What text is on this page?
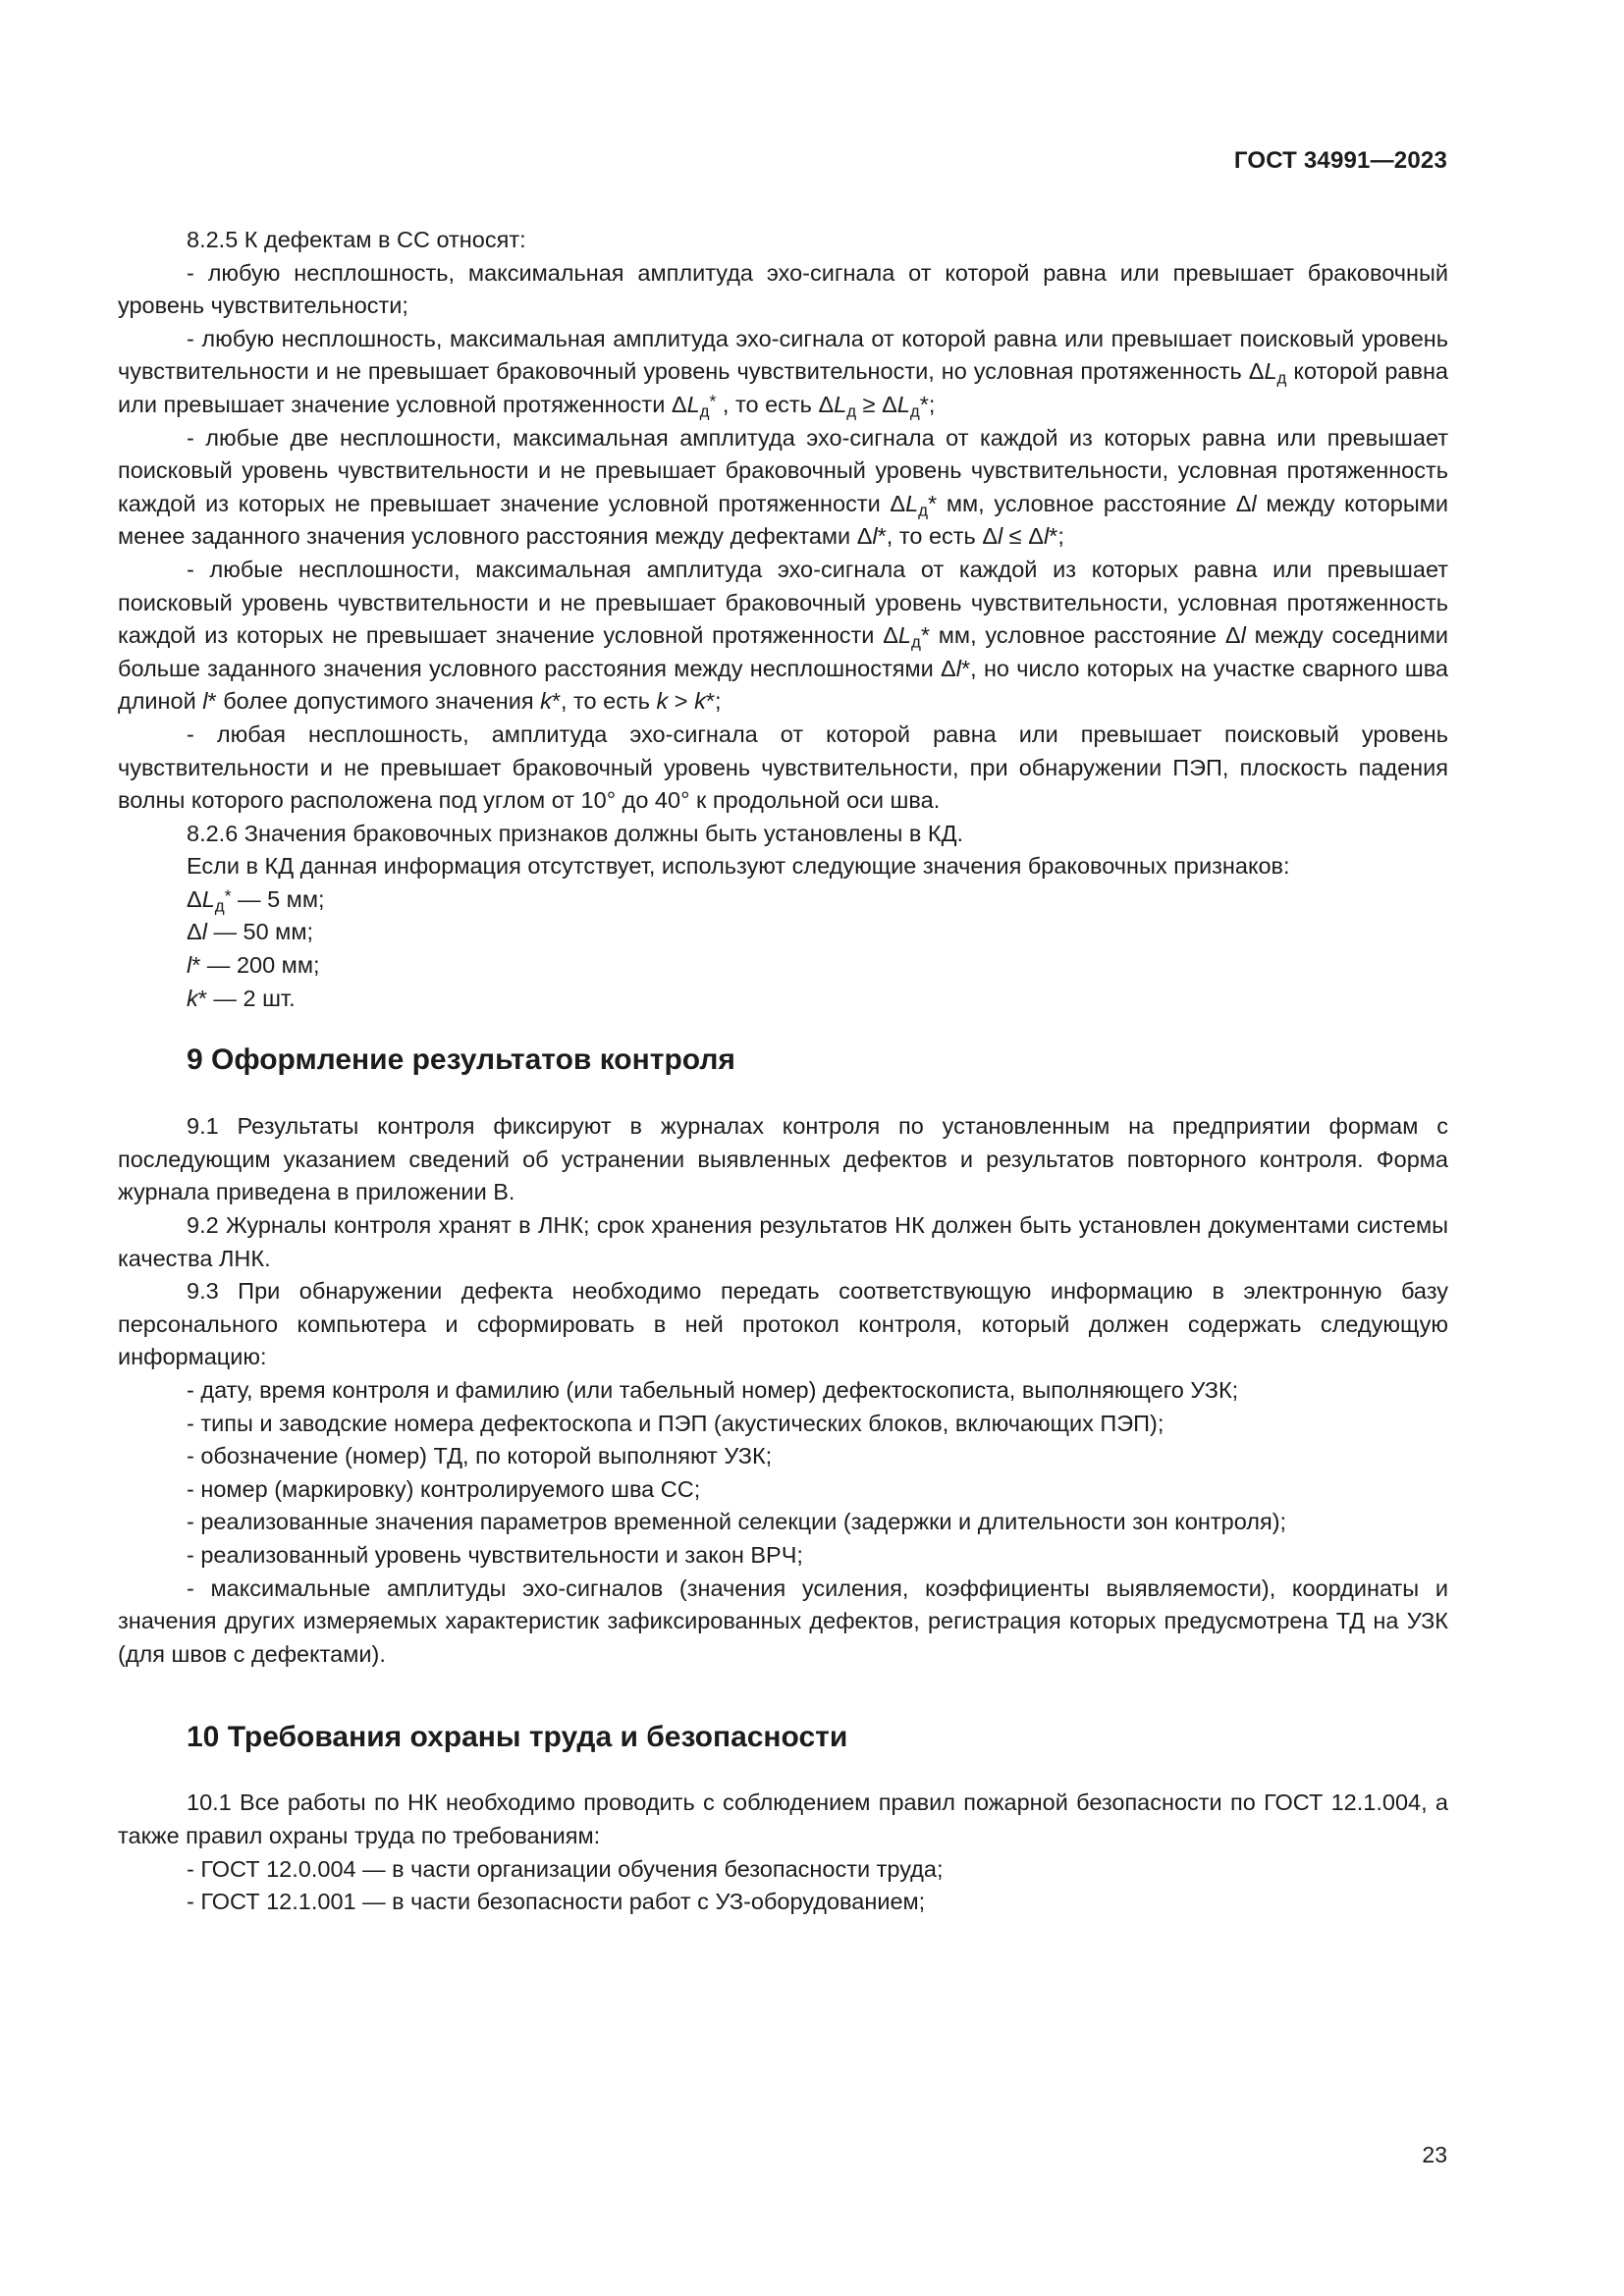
ГОСТ 34991—2023

8.2.5 К дефектам в СС относят:

- любую несплошность, максимальная амплитуда эхо-сигнала от которой равна или превышает браковочный уровень чувствительности;

- любую несплошность, максимальная амплитуда эхо-сигнала от которой равна или превышает поисковый уровень чувствительности и не превышает браковочный уровень чувствительности, но условная протяженность $\Delta L_д$ которой равна или превышает значение условной протяженности $\Delta L_д^*$ , то есть $\Delta L_д \ge \Delta L_д*$;

- любые две несплошности, максимальная амплитуда эхо-сигнала от каждой из которых равна или превышает поисковый уровень чувствительности и не превышает браковочный уровень чувствительности, условная протяженность каждой из которых не превышает значение условной протяженности $\Delta L_д*$ мм, условное расстояние Δl между которыми менее заданного значения условного расстояния между дефектами Δl*, то есть Δl ≤ Δl*;

- любые несплошности, максимальная амплитуда эхо-сигнала от каждой из которых равна или превышает поисковый уровень чувствительности и не превышает браковочный уровень чувствительности, условная протяженность каждой из которых не превышает значение условной протяженности $\Delta L_д*$ мм, условное расстояние Δl между соседними больше заданного значения условного расстояния между несплошностями Δl*, но число которых на участке сварного шва длиной l* более допустимого значения k*, то есть k > k*;

- любая несплошность, амплитуда эхо-сигнала от которой равна или превышает поисковый уровень чувствительности и не превышает браковочный уровень чувствительности, при обнаружении ПЭП, плоскость падения волны которого расположена под углом от 10° до 40° к продольной оси шва.

8.2.6 Значения браковочных признаков должны быть установлены в КД.

Если в КД данная информация отсутствует, используют следующие значения браковочных признаков:

$\Delta L_д^*$ — 5 мм;

Δl — 50 мм;

l* — 200 мм;

k* — 2 шт.

9 Оформление результатов контроля

9.1 Результаты контроля фиксируют в журналах контроля по установленным на предприятии формам с последующим указанием сведений об устранении выявленных дефектов и результатов повторного контроля. Форма журнала приведена в приложении В.

9.2 Журналы контроля хранят в ЛНК; срок хранения результатов НК должен быть установлен документами системы качества ЛНК.

9.3 При обнаружении дефекта необходимо передать соответствующую информацию в электронную базу персонального компьютера и сформировать в ней протокол контроля, который должен содержать следующую информацию:

- дату, время контроля и фамилию (или табельный номер) дефектоскописта, выполняющего УЗК;

- типы и заводские номера дефектоскопа и ПЭП (акустических блоков, включающих ПЭП);

- обозначение (номер) ТД, по которой выполняют УЗК;

- номер (маркировку) контролируемого шва СС;

- реализованные значения параметров временной селекции (задержки и длительности зон контроля);

- реализованный уровень чувствительности и закон ВРЧ;

- максимальные амплитуды эхо-сигналов (значения усиления, коэффициенты выявляемости), координаты и значения других измеряемых характеристик зафиксированных дефектов, регистрация которых предусмотрена ТД на УЗК (для швов с дефектами).

10 Требования охраны труда и безопасности

10.1 Все работы по НК необходимо проводить с соблюдением правил пожарной безопасности по ГОСТ 12.1.004, а также правил охраны труда по требованиям:

- ГОСТ 12.0.004 — в части организации обучения безопасности труда;

- ГОСТ 12.1.001 — в части безопасности работ с УЗ-оборудованием;

23
